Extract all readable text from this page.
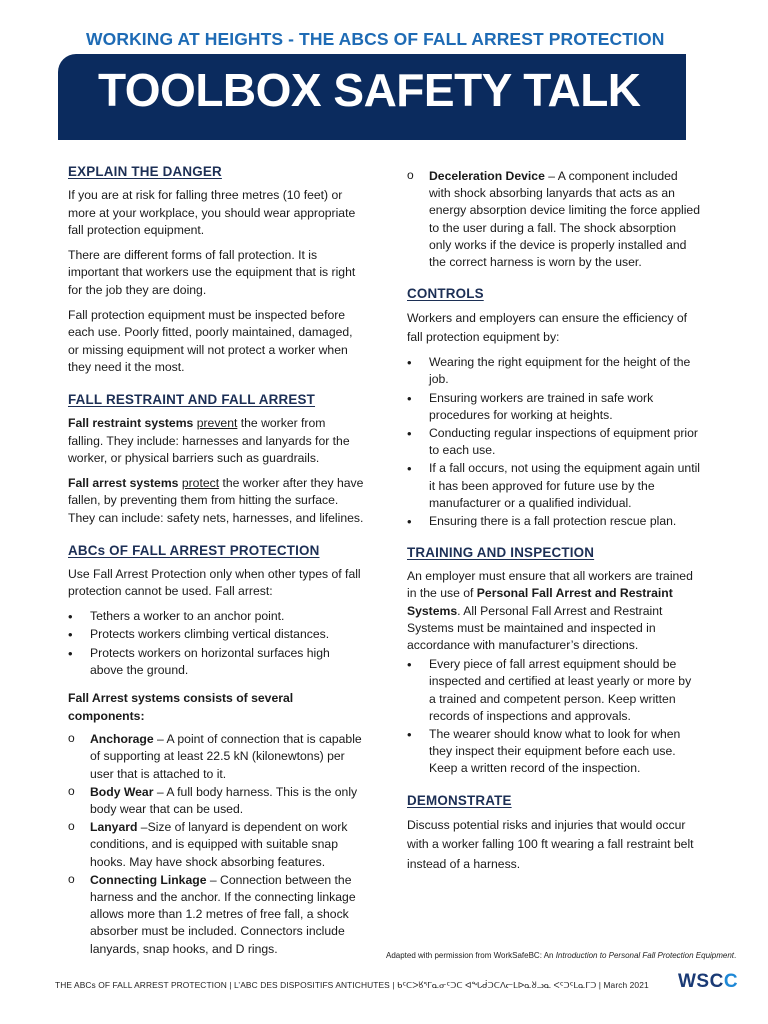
WORKING AT HEIGHTS - THE ABCS OF FALL ARREST PROTECTION
TOOLBOX SAFETY TALK
EXPLAIN THE DANGER

If you are at risk for falling three metres (10 feet) or more at your workplace, you should wear appropriate fall protection equipment.

There are different forms of fall protection. It is important that workers use the equipment that is right for the job they are doing.

Fall protection equipment must be inspected before each use. Poorly fitted, poorly maintained, damaged, or missing equipment will not protect a worker when they need it the most.

FALL RESTRAINT AND FALL ARREST

Fall restraint systems prevent the worker from falling. They include: harnesses and lanyards for the worker, or physical barriers such as guardrails.

Fall arrest systems protect the worker after they have fallen, by preventing them from hitting the surface. They can include: safety nets, harnesses, and lifelines.

ABCs OF FALL ARREST PROTECTION

Use Fall Arrest Protection only when other types of fall protection cannot be used. Fall arrest:

• Tethers a worker to an anchor point.
• Protects workers climbing vertical distances.
• Protects workers on horizontal surfaces high above the ground.

Fall Arrest systems consists of several components:

o Anchorage – A point of connection that is capable of supporting at least 22.5 kN (kilonewtons) per user that is attached to it.
o Body Wear – A full body harness. This is the only body wear that can be used.
o Lanyard –Size of lanyard is dependent on work conditions, and is equipped with suitable snap hooks. May have shock absorbing features.
o Connecting Linkage – Connection between the harness and the anchor. If the connecting linkage allows more than 1.2 metres of free fall, a shock absorber must be included. Connectors include lanyards, snap hooks, and D rings.
o Deceleration Device – A component included with shock absorbing lanyards that acts as an energy absorption device limiting the force applied to the user during a fall. The shock absorption only works if the device is properly installed and the correct harness is worn by the user.
CONTROLS

Workers and employers can ensure the efficiency of fall protection equipment by:

• Wearing the right equipment for the height of the job.
• Ensuring workers are trained in safe work procedures for working at heights.
• Conducting regular inspections of equipment prior to each use.
• If a fall occurs, not using the equipment again until it has been approved for future use by the manufacturer or a qualified individual.
• Ensuring there is a fall protection rescue plan.
TRAINING AND INSPECTION

An employer must ensure that all workers are trained in the use of Personal Fall Arrest and Restraint Systems. All Personal Fall Arrest and Restraint Systems must be maintained and inspected in accordance with manufacturer’s directions.

• Every piece of fall arrest equipment should be inspected and certified at least yearly or more by a trained and competent person. Keep written records of inspections and approvals.
• The wearer should know what to look for when they inspect their equipment before each use. Keep a written record of the inspection.
DEMONSTRATE

Discuss potential risks and injuries that would occur with a worker falling 100 ft wearing a fall restraint belt instead of a harness.

Adapted with permission from WorkSafeBC: An Introduction to Personal Fall Protection Equipment.
THE ABCs OF FALL ARREST PROTECTION | L’ABC DES DISPOSITIFS ANTICHUTES | ᑲᑦᑕᐳᖉᕐᒥᓇᓂᑦᑐᑕ ᐊᖓᑰᑐᑕᐱᓕᒪᐅᓇᖈᓗᓇ ᐸᑦᑐᑦᒪᓇᒥᑐ | March 2021 WSCC
